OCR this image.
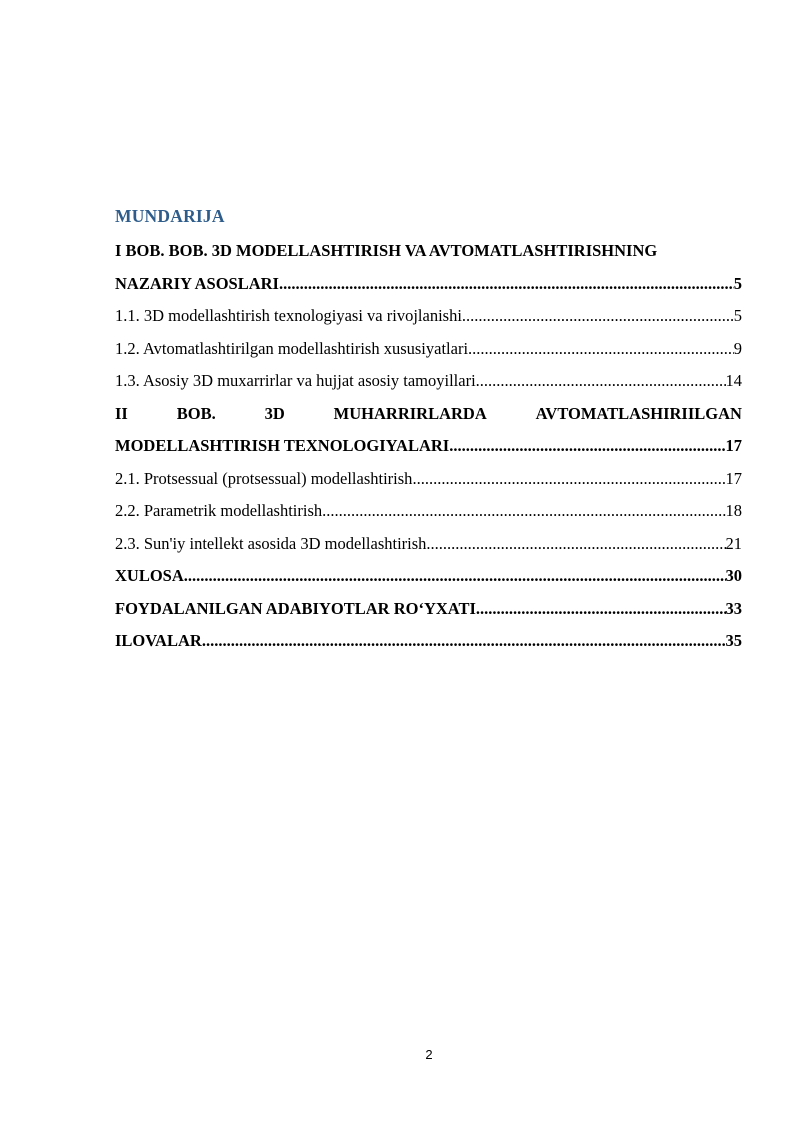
MUNDARIJA
I BOB. BOB. 3D MODELLASHTIRISH VA AVTOMATLASHTIRISHNING
NAZARIY ASOSLARI .....	5
1.1. 3D modellashtirish texnologiyasi va rivojlanishi .....	5
1.2. Avtomatlashtirilgan modellashtirish xususiyatlari .....	9
1.3. Asosiy 3D muxarrirlar va hujjat asosiy tamoyillari .....	14
II	BOB.	3D	MUHARRIRLARDA	AVTOMATLASHIRIILGAN
MODELLASHTIRISH TEXNOLOGIYALARI .....	17
2.1. Protsessual (protsessual) modellashtirish .....	17
2.2. Parametrik modellashtirish .....	18
2.3. Sun'iy intellekt asosida 3D modellashtirish .....	21
XULOSA .....	30
FOYDALANILGAN ADABIYOTLAR RO‘YXATI .....	33
ILOVALAR .....	35
2
